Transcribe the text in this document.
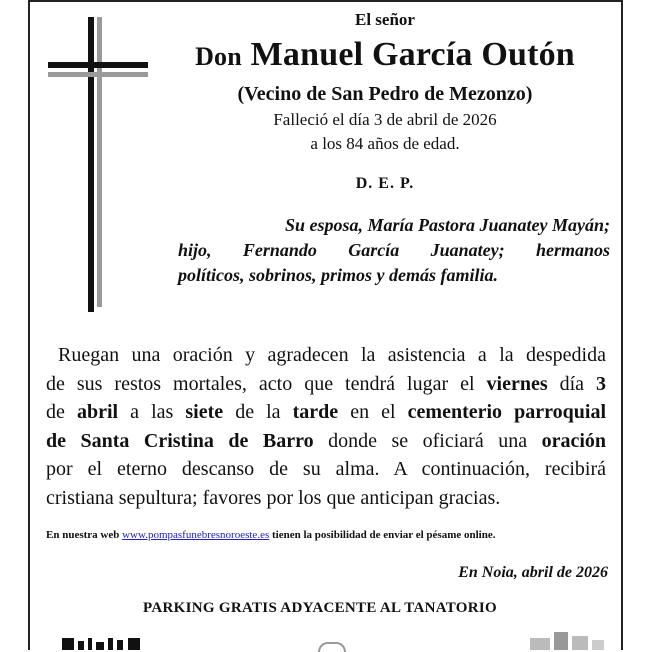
El señor
Don Manuel García Outón
(Vecino de San Pedro de Mezonzo)
Falleció el día 3 de abril de 2026
a los 84 años de edad.
D. E. P.
Su esposa, María Pastora Juanatey Mayán;
hijo, Fernando García Juanatey; hermanos
políticos, sobrinos, primos y demás familia.
Ruegan una oración y agradecen la asistencia a la despedida
de sus restos mortales, acto que tendrá lugar el viernes día 3
de abril a las siete de la tarde en el cementerio parroquial
de Santa Cristina de Barro donde se oficiará una oración
por el eterno descanso de su alma. A continuación, recibirá
cristiana sepultura; favores por los que anticipan gracias.
En nuestra web www.pompasfunebresnoroeste.es tienen la posibilidad de enviar el pésame online.
En Noia, abril de 2026
PARKING GRATIS ADYACENTE AL TANATORIO
